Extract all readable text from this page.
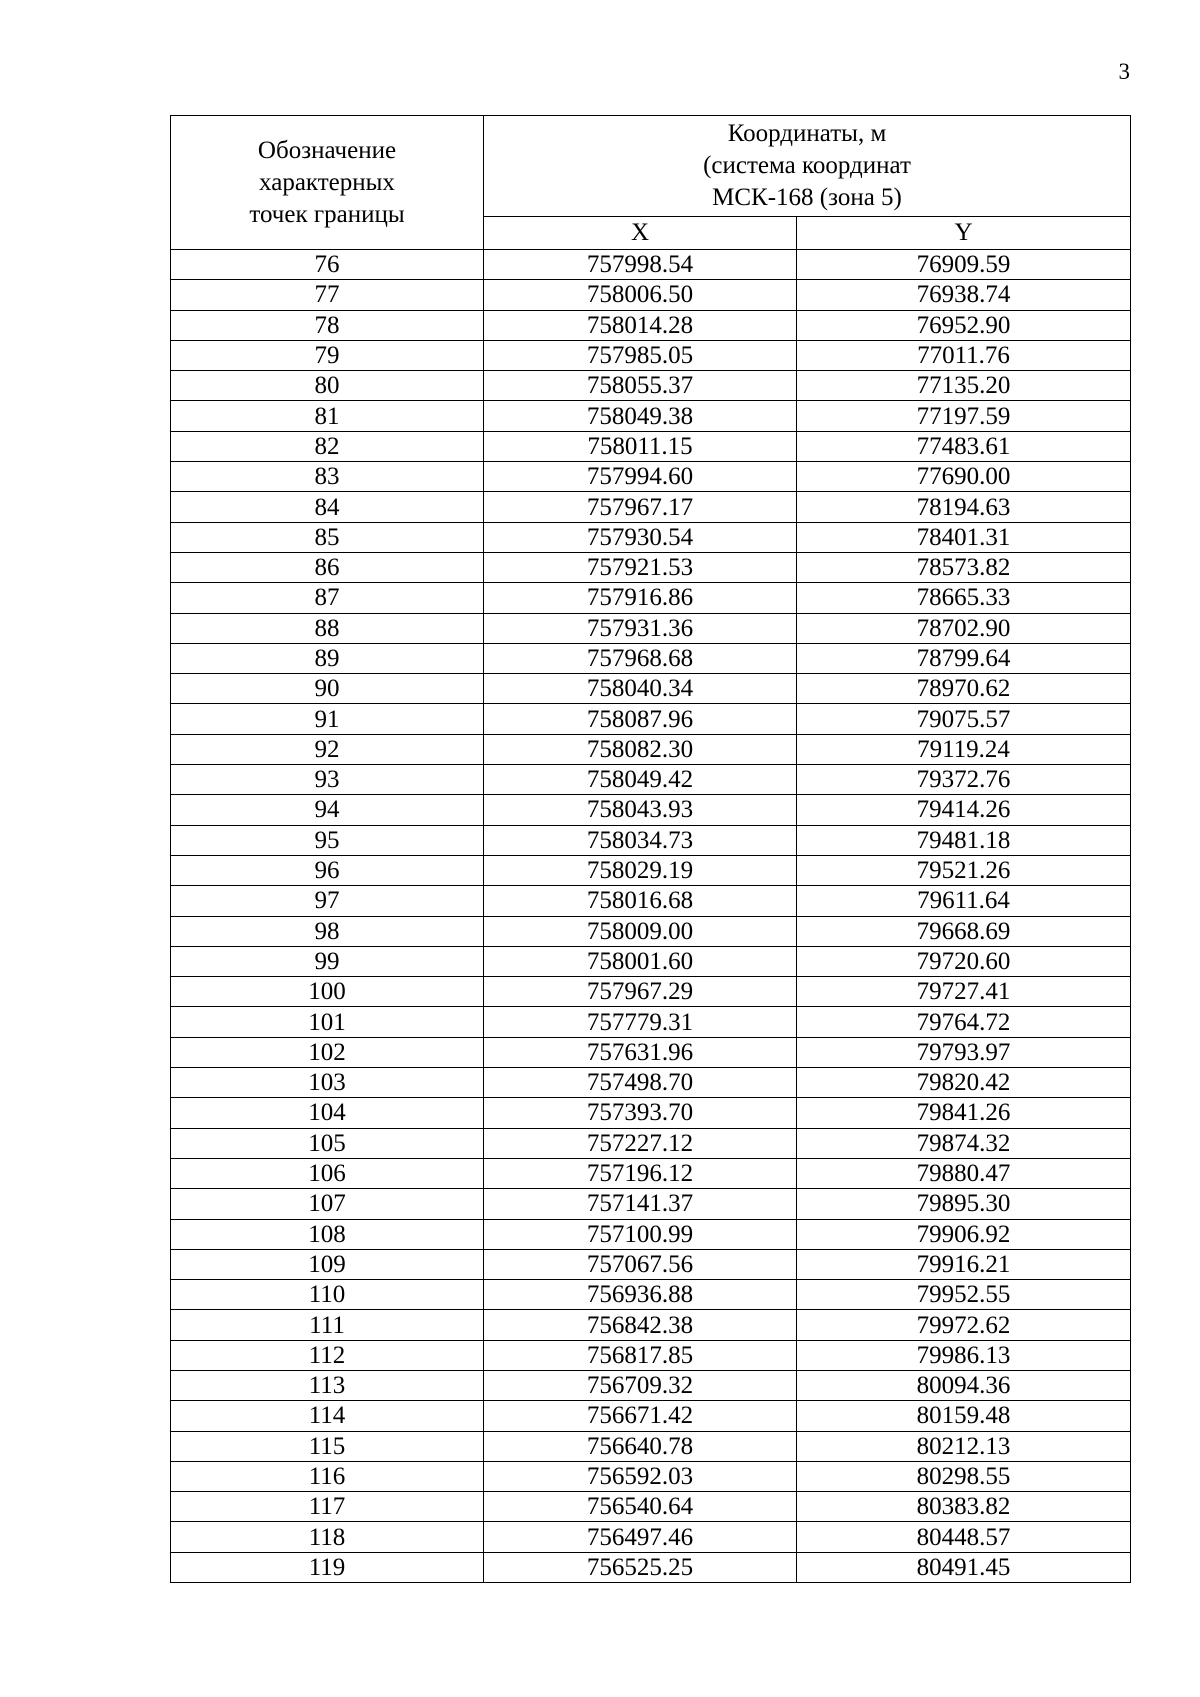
3
Обозначение
характерных
точек границы	Координаты, м
(система координат
МСК-168 (зона 5)	

	X	Y
76	757998.54	76909.59
77	758006.50	76938.74
78	758014.28	76952.90
79	757985.05	77011.76
80	758055.37	77135.20
81	758049.38	77197.59
82	758011.15	77483.61
83	757994.60	77690.00
84	757967.17	78194.63
85	757930.54	78401.31
86	757921.53	78573.82
87	757916.86	78665.33
88	757931.36	78702.90
89	757968.68	78799.64
90	758040.34	78970.62
91	758087.96	79075.57
92	758082.30	79119.24
93	758049.42	79372.76
94	758043.93	79414.26
95	758034.73	79481.18
96	758029.19	79521.26
97	758016.68	79611.64
98	758009.00	79668.69
99	758001.60	79720.60
100	757967.29	79727.41
101	757779.31	79764.72
102	757631.96	79793.97
103	757498.70	79820.42
104	757393.70	79841.26
105	757227.12	79874.32
106	757196.12	79880.47
107	757141.37	79895.30
108	757100.99	79906.92
109	757067.56	79916.21
110	756936.88	79952.55
111	756842.38	79972.62
112	756817.85	79986.13
113	756709.32	80094.36
114	756671.42	80159.48
115	756640.78	80212.13
116	756592.03	80298.55
117	756540.64	80383.82
118	756497.46	80448.57
119	756525.25	80491.45
